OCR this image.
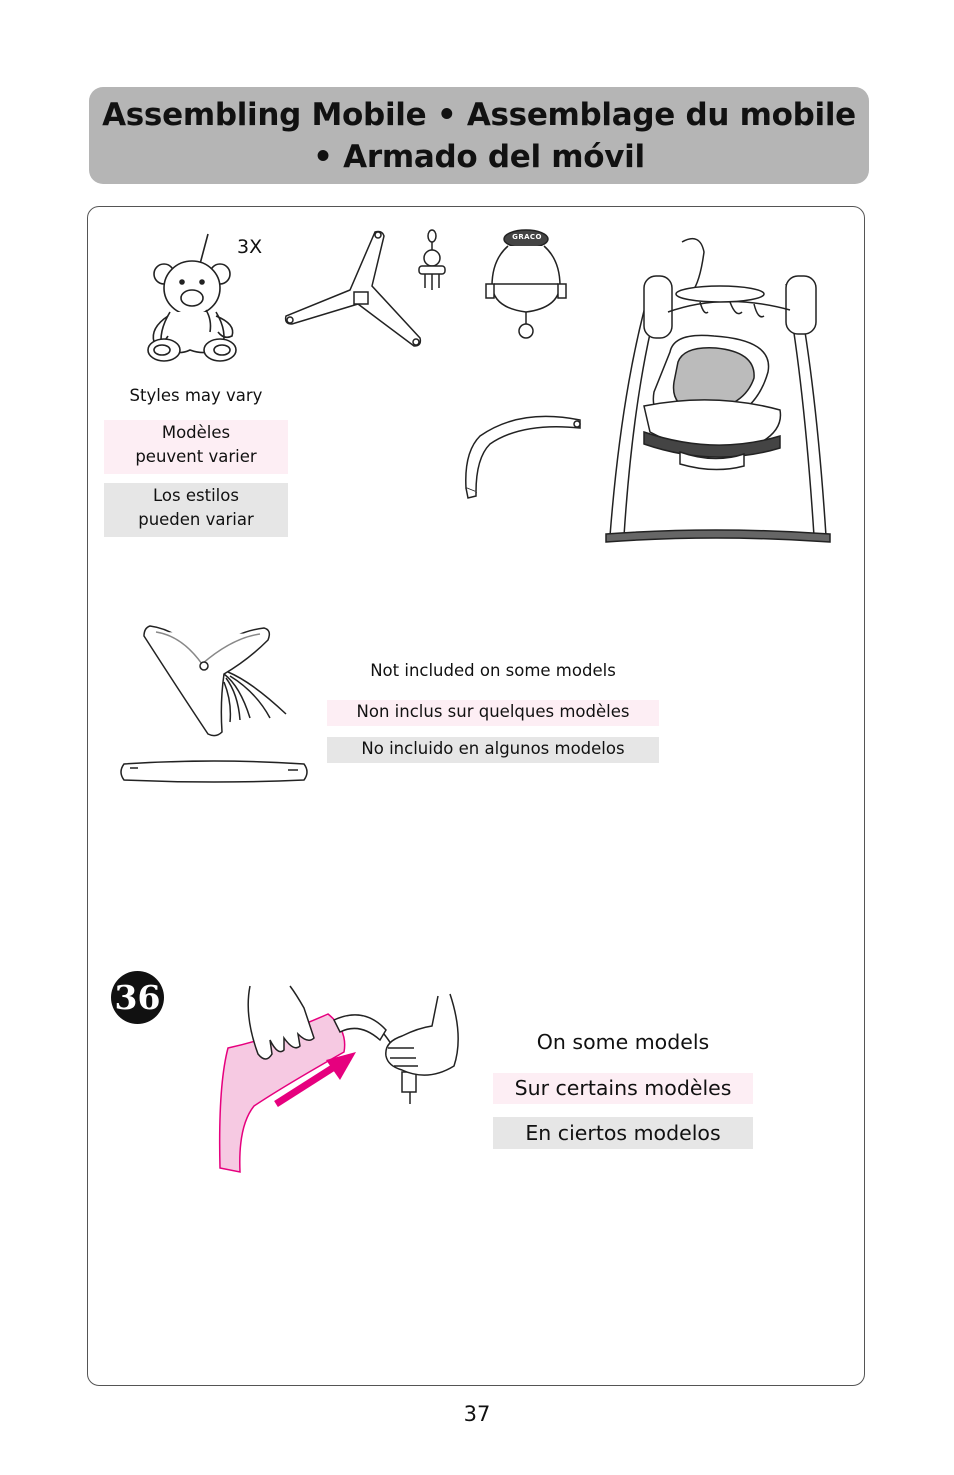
Assembling Mobile • Assemblage du mobile
• Armado del móvil
3X	GRACO
Styles may vary
Modèles
peuvent varier
Los estilos
pueden variar
Not included on some models
Non inclus sur quelques modèles
No incluido en algunos modelos
36
On some models
Sur certains modèles
En ciertos modelos
37
